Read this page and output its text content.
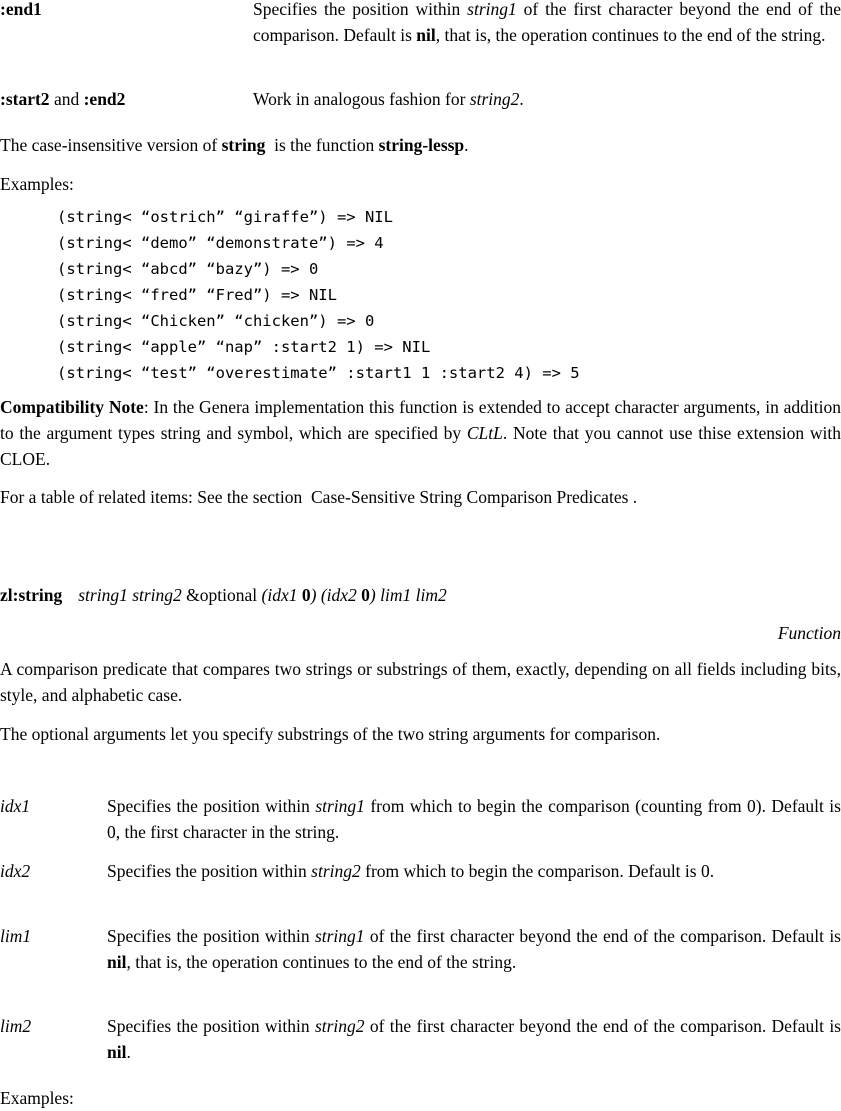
:end1	Specifies the position within string1 of the first character beyond the end of the comparison. Default is nil, that is, the operation continues to the end of the string.
:start2 and :end2	Work in analogous fashion for string2.
The case-insensitive version of string  is the function string-lessp.
Examples:
(string< “ostrich” “giraffe”) => NIL
(string< “demo” “demonstrate”) => 4
(string< “abcd” “bazy”) => 0
(string< “fred” “Fred”) => NIL
(string< “Chicken” “chicken”) => 0
(string< “apple” “nap” :start2 1) => NIL
(string< “test” “overestimate” :start1 1 :start2 4) => 5
Compatibility Note: In the Genera implementation this function is extended to accept character arguments, in addition to the argument types string and symbol, which are specified by CLtL. Note that you cannot use thise extension with CLOE.
For a table of related items: See the section  Case-Sensitive String Comparison Predicates .
zl:string string1 string2 &optional (idx1 0) (idx2 0) lim1 lim2
Function
A comparison predicate that compares two strings or substrings of them, exactly, depending on all fields including bits, style, and alphabetic case.
The optional arguments let you specify substrings of the two string arguments for comparison.
idx1	Specifies the position within string1 from which to begin the comparison (counting from 0). Default is 0, the first character in the string.
idx2	Specifies the position within string2 from which to begin the comparison. Default is 0.
lim1	Specifies the position within string1 of the first character beyond the end of the comparison. Default is nil, that is, the operation continues to the end of the string.
lim2	Specifies the position within string2 of the first character beyond the end of the comparison. Default is nil.
Examples:
